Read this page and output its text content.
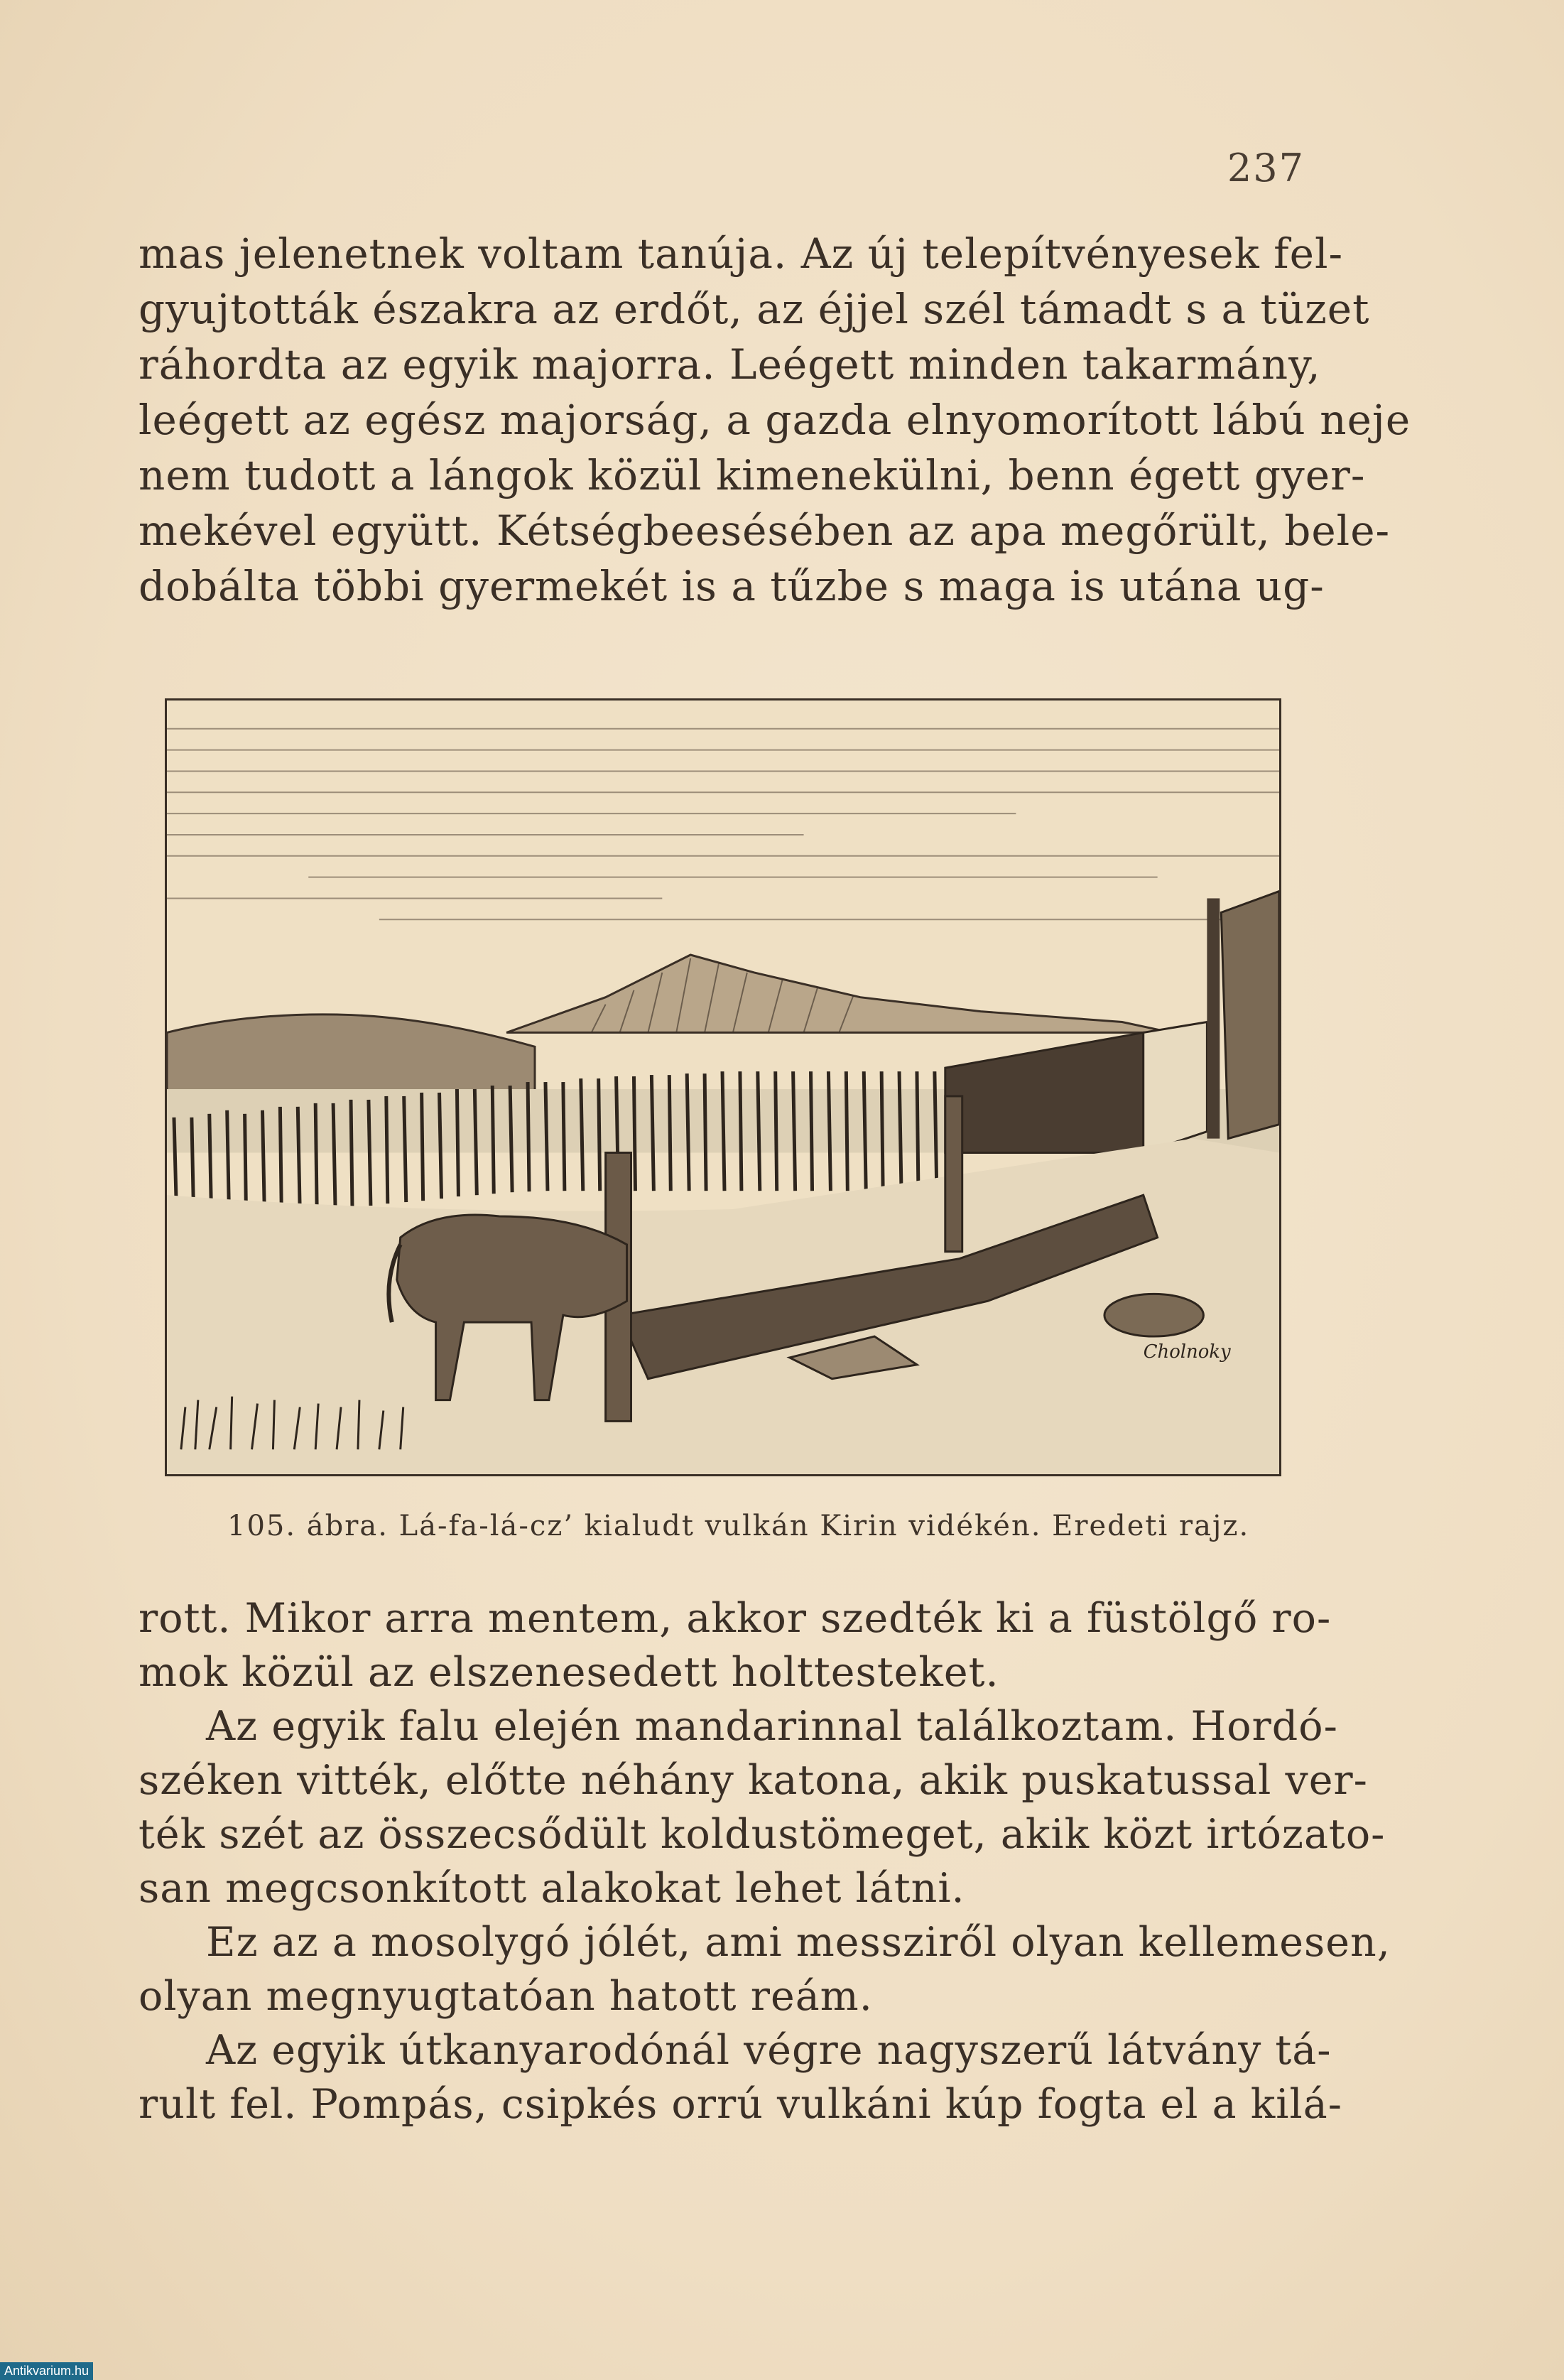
237
mas jelenetnek voltam tanúja. Az új telepítvényesek fel-
gyujtották északra az erdőt, az éjjel szél támadt s a tüzet
ráhordta az egyik majorra. Leégett minden takarmány,
leégett az egész majorság, a gazda elnyomorított lábú neje
nem tudott a lángok közül kimenekülni, benn égett gyer-
mekével együtt. Kétségbeesésében az apa megőrült, bele-
dobálta többi gyermekét is a tűzbe s maga is utána ug-
Cholnoky
105. ábra. Lá-fa-lá-cz’ kialudt vulkán Kirin vidékén. Eredeti rajz.
rott. Mikor arra mentem, akkor szedték ki a füstölgő ro-
mok közül az elszenesedett holttesteket.
Az egyik falu elején mandarinnal találkoztam. Hordó-
széken vitték, előtte néhány katona, akik puskatussal ver-
ték szét az összecsődült koldustömeget, akik közt irtózato-
san megcsonkított alakokat lehet látni.
Ez az a mosolygó jólét, ami messziről olyan kellemesen,
olyan megnyugtatóan hatott reám.
Az egyik útkanyarodónál végre nagyszerű látvány tá-
rult fel. Pompás, csipkés orrú vulkáni kúp fogta el a kilá-
Antikvarium.hu
